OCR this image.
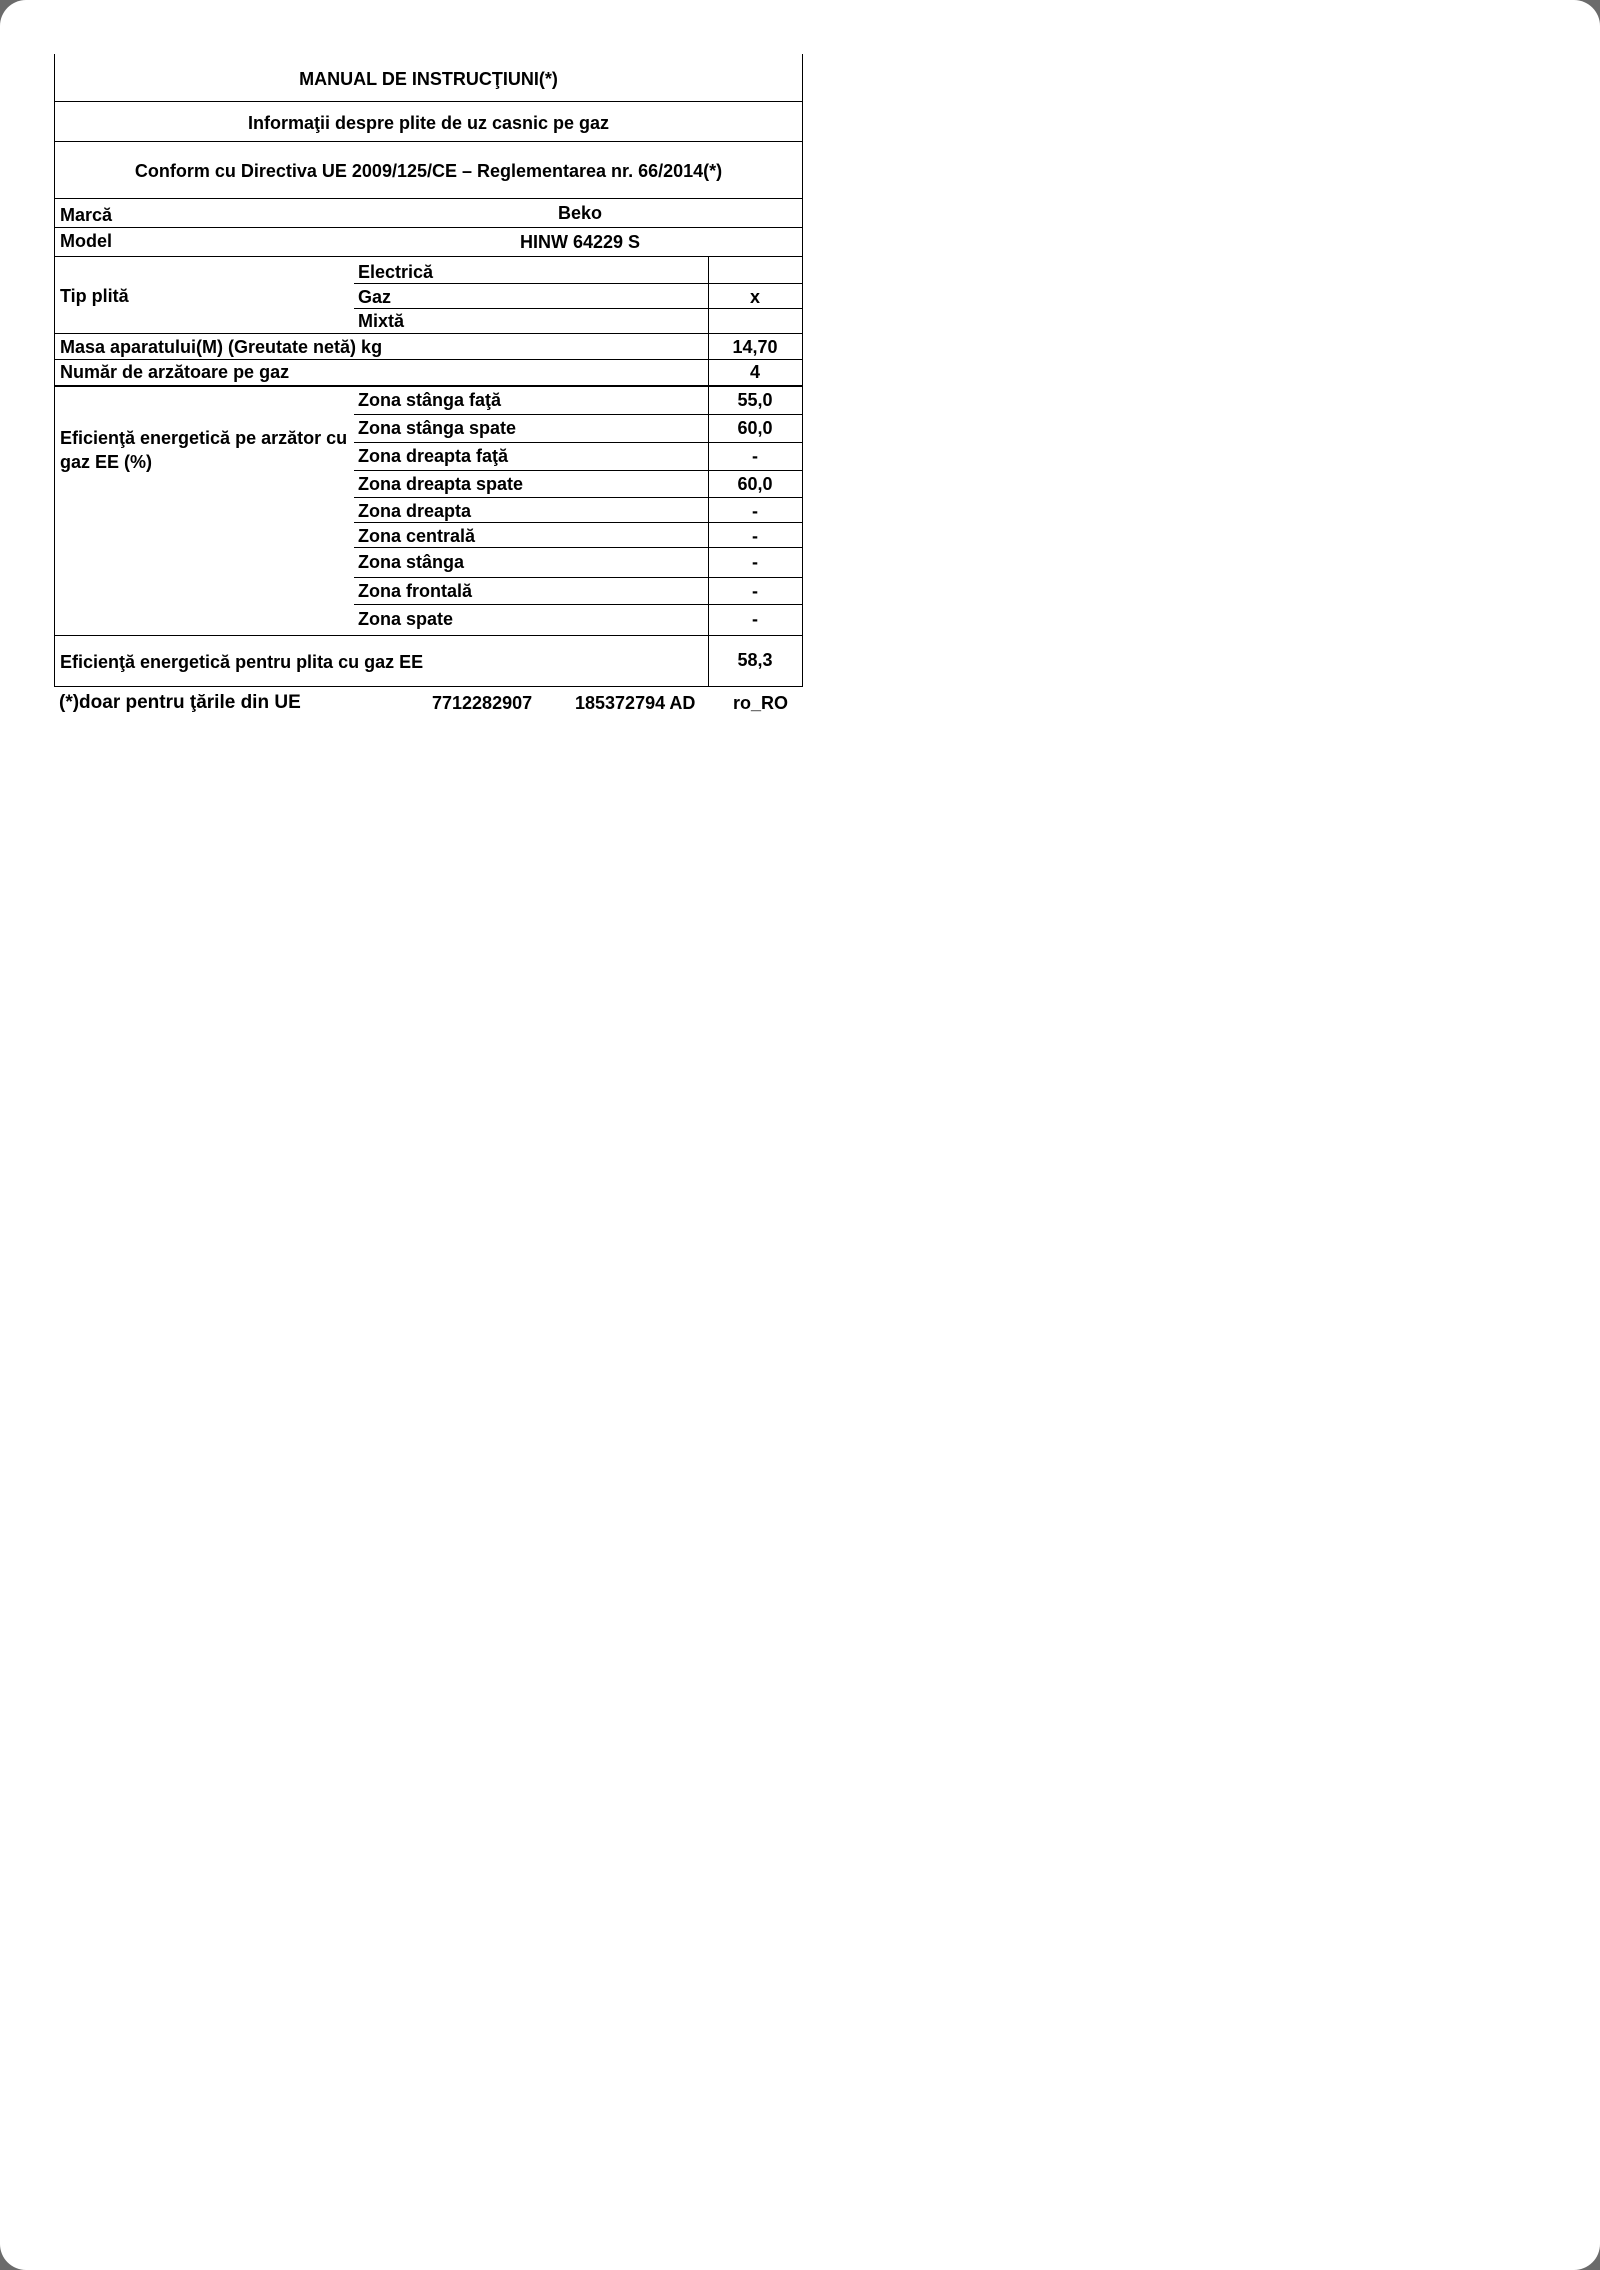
MANUAL DE INSTRUCŢIUNI(*)
Informaţii despre plite de uz casnic pe gaz
Conform cu Directiva UE 2009/125/CE – Reglementarea nr. 66/2014(*)
Marcă	Beko
Model	HINW 64229 S
Tip plită
Electrică
Gaz	x
Mixtă
Masa aparatului(M) (Greutate netă) kg	14,70
Număr de arzătoare pe gaz	4
Eficienţă energetică pe arzător cu gaz EE (%)
Zona stânga faţă	55,0
Zona stânga spate	60,0
Zona dreapta faţă	-
Zona dreapta spate	60,0
Zona dreapta	-
Zona centrală	-
Zona stânga	-
Zona frontală	-
Zona spate	-
Eficienţă energetică pentru plita cu gaz EE	58,3
(*)doar pentru ţările din UE	7712282907 185372794 AD ro_RO
